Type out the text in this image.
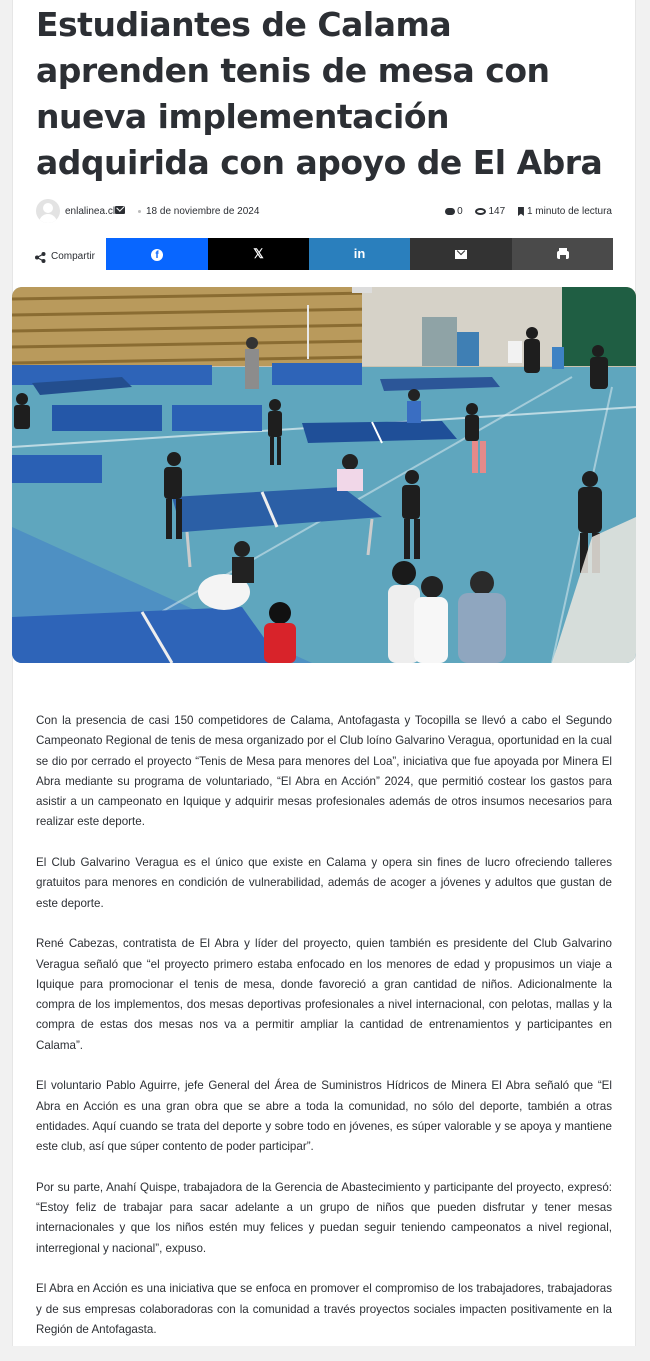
Estudiantes de Calama aprenden tenis de mesa con nueva implementación adquirida con apoyo de El Abra
enlalinea.cl	18 de noviembre de 2024	0	147 1 minuto de lectura
Compartir	f	𝕏	in

Con la presencia de casi 150 competidores de Calama, Antofagasta y Tocopilla se llevó a cabo el Segundo Campeonato Regional de tenis de mesa organizado por el Club loíno Galvarino Veragua, oportunidad en la cual se dio por cerrado el proyecto “Tenis de Mesa para menores del Loa”, iniciativa que fue apoyada por Minera El Abra mediante su programa de voluntariado, “El Abra en Acción” 2024, que permitió costear los gastos para asistir a un campeonato en Iquique y adquirir mesas profesionales además de otros insumos necesarios para realizar este deporte.

El Club Galvarino Veragua es el único que existe en Calama y opera sin fines de lucro ofreciendo talleres gratuitos para menores en condición de vulnerabilidad, además de acoger a jóvenes y adultos que gustan de este deporte.

René Cabezas, contratista de El Abra y líder del proyecto, quien también es presidente del Club Galvarino Veragua señaló que “el proyecto primero estaba enfocado en los menores de edad y propusimos un viaje a Iquique para promocionar el tenis de mesa, donde favoreció a gran cantidad de niños. Adicionalmente la compra de los implementos, dos mesas deportivas profesionales a nivel internacional, con pelotas, mallas y la compra de estas dos mesas nos va a permitir ampliar la cantidad de entrenamientos y participantes en Calama”.

El voluntario Pablo Aguirre, jefe General del Área de Suministros Hídricos de Minera El Abra señaló que “El Abra en Acción es una gran obra que se abre a toda la comunidad, no sólo del deporte, también a otras entidades. Aquí cuando se trata del deporte y sobre todo en jóvenes, es súper valorable y se apoya y mantiene este club, así que súper contento de poder participar”.

Por su parte, Anahí Quispe, trabajadora de la Gerencia de Abastecimiento y participante del proyecto, expresó: “Estoy feliz de trabajar para sacar adelante a un grupo de niños que pueden disfrutar y tener mesas internacionales y que los niños estén muy felices y puedan seguir teniendo campeonatos a nivel regional, interregional y nacional”, expuso.

El Abra en Acción es una iniciativa que se enfoca en promover el compromiso de los trabajadores, trabajadoras y de sus empresas colaboradoras con la comunidad a través proyectos sociales impacten positivamente en la Región de Antofagasta.
